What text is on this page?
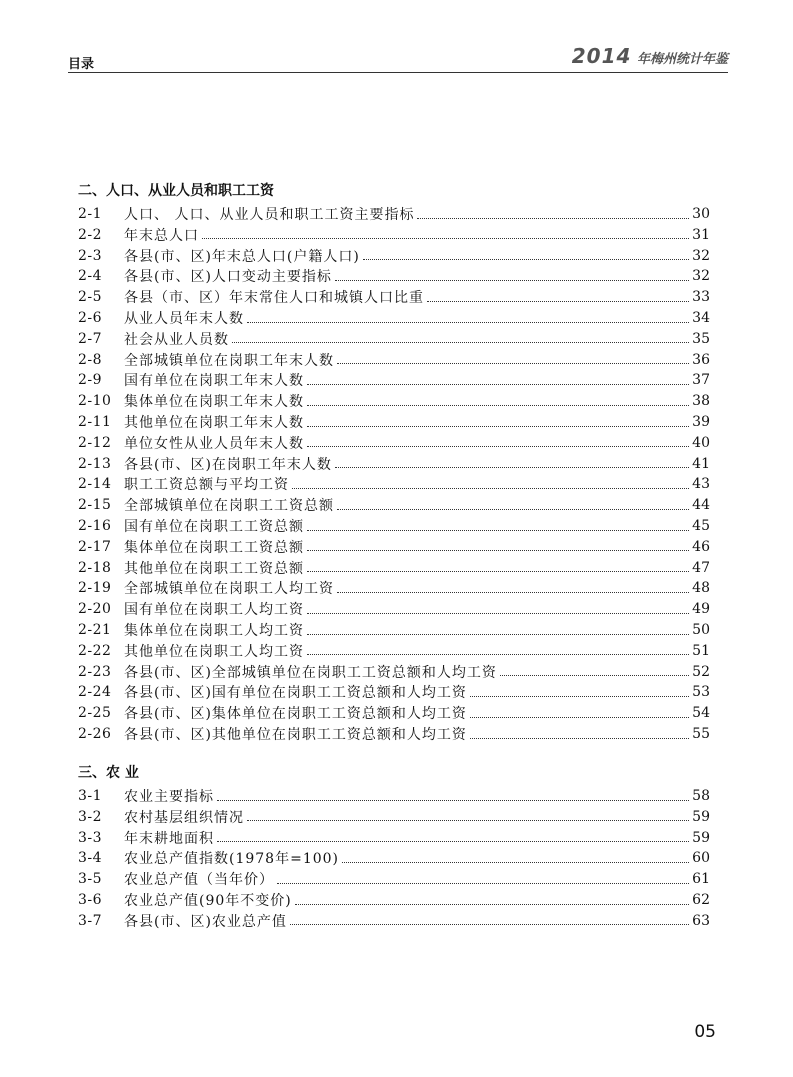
目录	2014 年梅州统计年鉴
二、人口、从业人员和职工工资
2-1	人口、 人口、从业人员和职工工资主要指标	30
2-2	年末总人口	31
2-3	各县(市、区)年末总人口(户籍人口)	32
2-4	各县(市、区)人口变动主要指标	32
2-5	各县（市、区）年末常住人口和城镇人口比重	33
2-6	从业人员年末人数	34
2-7	社会从业人员数	35
2-8	全部城镇单位在岗职工年末人数	36
2-9	国有单位在岗职工年末人数	37
2-10 集体单位在岗职工年末人数	38
2-11 其他单位在岗职工年末人数	39
2-12 单位女性从业人员年末人数	40
2-13 各县(市、区)在岗职工年末人数	41
2-14 职工工资总额与平均工资	43
2-15 全部城镇单位在岗职工工资总额	44
2-16 国有单位在岗职工工资总额	45
2-17 集体单位在岗职工工资总额	46
2-18 其他单位在岗职工工资总额	47
2-19 全部城镇单位在岗职工人均工资	48
2-20 国有单位在岗职工人均工资	49
2-21 集体单位在岗职工人均工资	50
2-22 其他单位在岗职工人均工资	51
2-23 各县(市、区)全部城镇单位在岗职工工资总额和人均工资	52
2-24 各县(市、区)国有单位在岗职工工资总额和人均工资	53
2-25 各县(市、区)集体单位在岗职工工资总额和人均工资	54
2-26 各县(市、区)其他单位在岗职工工资总额和人均工资	55
三、农 业
3-1	农业主要指标	58
3-2	农村基层组织情况	59
3-3	年末耕地面积	59
3-4	农业总产值指数(1978年=100)	60
3-5	农业总产值（当年价）	61
3-6	农业总产值(90年不变价)	62
3-7	各县(市、区)农业总产值	63
05
